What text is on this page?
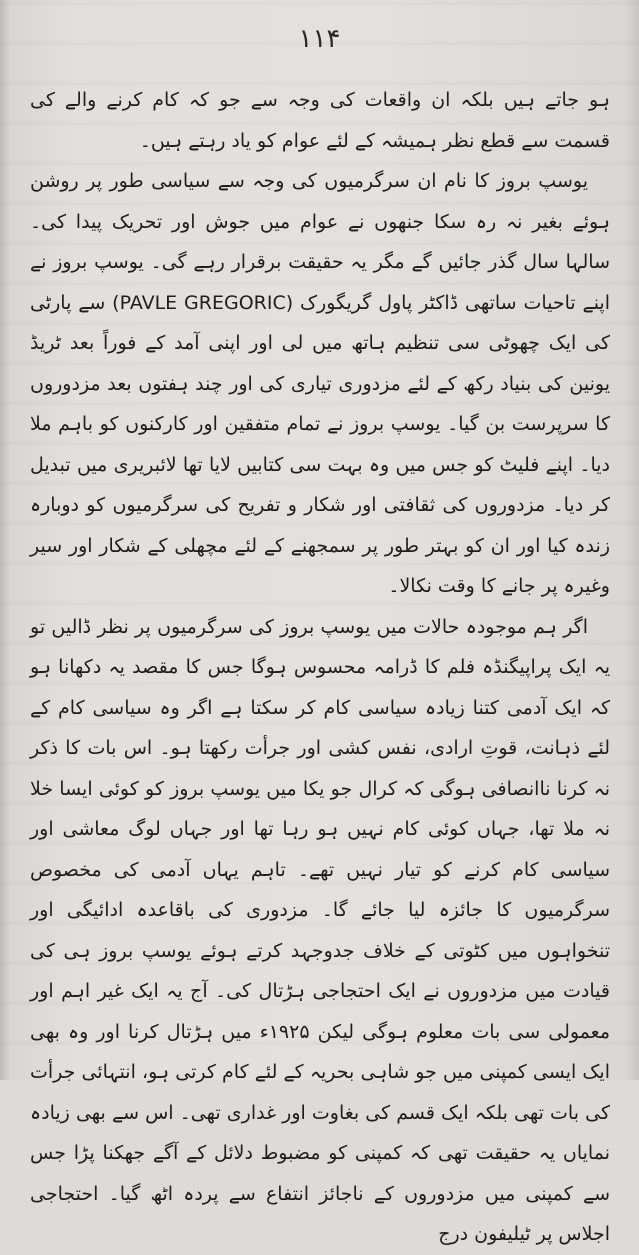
۱۱۴

ہو جاتے ہیں بلکہ ان واقعات کی وجہ سے جو کہ کام کرنے والے کی قسمت سے قطع نظر ہمیشہ کے لئے عوام کو یاد رہتے ہیں۔

یوسپ بروز کا نام ان سرگرمیوں کی وجہ سے سیاسی طور پر روشن ہوئے بغیر نہ رہ سکا جنھوں نے عوام میں جوش اور تحریک پیدا کی۔ سالہا سال گذر جائیں گے مگر یہ حقیقت برقرار رہے گی۔ یوسپ بروز نے اپنے تاحیات ساتھی ڈاکٹر پاول گریگورک (PAVLE GREGORIC) سے پارٹی کی ایک چھوٹی سی تنظیم ہاتھ میں لی اور اپنی آمد کے فوراً بعد ٹریڈ یونین کی بنیاد رکھ کے لئے مزدوری تیاری کی اور چند ہفتوں بعد مزدوروں کا سرپرست بن گیا۔ یوسپ بروز نے تمام متفقین اور کارکنوں کو باہم ملا دیا۔ اپنے فلیٹ کو جس میں وہ بہت سی کتابیں لایا تھا لائبریری میں تبدیل کر دیا۔ مزدوروں کی ثقافتی اور شکار و تفریح کی سرگرمیوں کو دوبارہ زندہ کیا اور ان کو بہتر طور پر سمجھنے کے لئے مچھلی کے شکار اور سیر وغیرہ پر جانے کا وقت نکالا۔

اگر ہم موجودہ حالات میں یوسپ بروز کی سرگرمیوں پر نظر ڈالیں تو یہ ایک پراپیگنڈہ فلم کا ڈرامہ محسوس ہوگا جس کا مقصد یہ دکھانا ہو کہ ایک آدمی کتنا زیادہ سیاسی کام کر سکتا ہے اگر وہ سیاسی کام کے لئے ذہانت، قوتِ ارادی، نفس کشی اور جرأت رکھتا ہو۔ اس بات کا ذکر نہ کرنا ناانصافی ہوگی کہ کرال جو یکا میں یوسپ بروز کو کوئی ایسا خلا نہ ملا تھا، جہاں کوئی کام نہیں ہو رہا تھا اور جہاں لوگ معاشی اور سیاسی کام کرنے کو تیار نہیں تھے۔ تاہم یہاں آدمی کی مخصوص سرگرمیوں کا جائزہ لیا جائے گا۔ مزدوری کی باقاعدہ ادائیگی اور تنخواہوں میں کٹوتی کے خلاف جدوجہد کرتے ہوئے یوسپ بروز ہی کی قیادت میں مزدوروں نے ایک احتجاجی ہڑتال کی۔ آج یہ ایک غیر اہم اور معمولی سی بات معلوم ہوگی لیکن ۱۹۲۵ء میں ہڑتال کرنا اور وہ بھی ایک ایسی کمپنی میں جو شاہی بحریہ کے لئے کام کرتی ہو، انتہائی جرأت کی بات تھی بلکہ ایک قسم کی بغاوت اور غداری تھی۔ اس سے بھی زیادہ نمایاں یہ حقیقت تھی کہ کمپنی کو مضبوط دلائل کے آگے جھکنا پڑا جس سے کمپنی میں مزدوروں کے ناجائز انتفاع سے پردہ اٹھ گیا۔ احتجاجی اجلاس پر ٹیلیفون درج
